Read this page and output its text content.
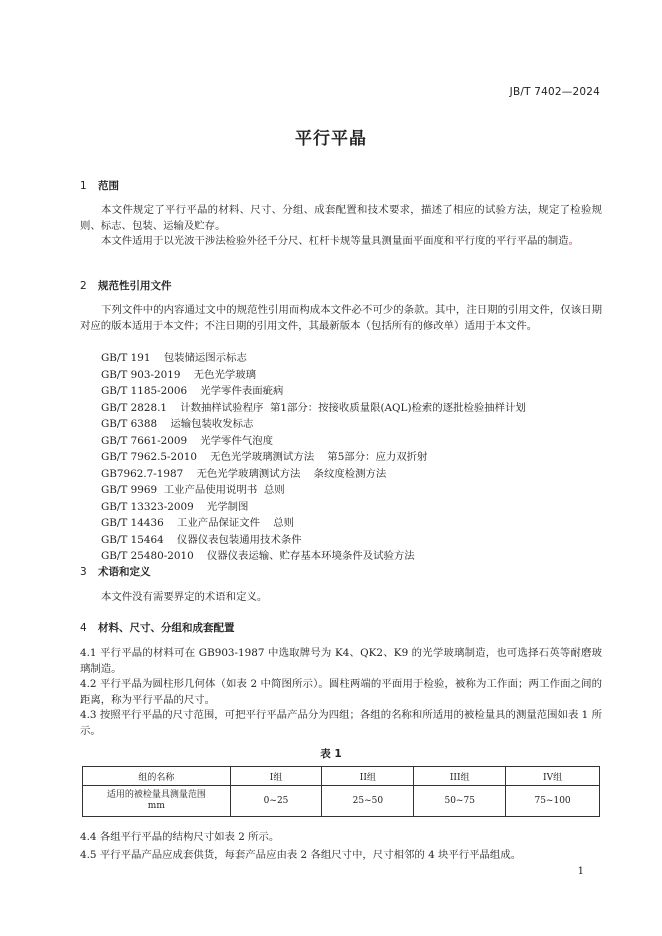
JB/T 7402—2024
平行平晶
1 范围
本文件规定了平行平晶的材料、尺寸、分组、成套配置和技术要求，描述了相应的试验方法，规定了检验规则、标志、包装、运输及贮存。
本文件适用于以光波干涉法检验外径千分尺、杠杆卡规等量具测量面平面度和平行度的平行平晶的制造。
2 规范性引用文件
下列文件中的内容通过文中的规范性引用而构成本文件必不可少的条款。其中，注日期的引用文件，仅该日期对应的版本适用于本文件；不注日期的引用文件，其最新版本（包括所有的修改单）适用于本文件。
GB/T 191    包装储运图示标志
GB/T 903-2019    无色光学玻璃
GB/T 1185-2006    光学零件表面疵病
GB/T 2828.1    计数抽样试验程序  第1部分：按接收质量限(AQL)检索的逐批检验抽样计划
GB/T 6388    运输包装收发标志
GB/T 7661-2009    光学零件气泡度
GB/T 7962.5-2010    无色光学玻璃测试方法    第5部分：应力双折射
GB7962.7-1987    无色光学玻璃测试方法    条纹度检测方法
GB/T 9969  工业产品使用说明书  总则
GB/T 13323-2009    光学制图
GB/T 14436    工业产品保证文件    总则
GB/T 15464    仪器仪表包装通用技术条件
GB/T 25480-2010    仪器仪表运输、贮存基本环境条件及试验方法
3 术语和定义
本文件没有需要界定的术语和定义。
4 材料、尺寸、分组和成套配置
4.1 平行平晶的材料可在 GB903-1987 中选取牌号为 K4、QK2、K9 的光学玻璃制造，也可选择石英等耐磨玻璃制造。
4.2 平行平晶为圆柱形几何体（如表 2 中简图所示）。圆柱两端的平面用于检验，被称为工作面；两工作面之间的距离，称为平行平晶的尺寸。
4.3 按照平行平晶的尺寸范围，可把平行平晶产品分为四组；各组的名称和所适用的被检量具的测量范围如表 1 所示。
表 1
组的名称	I组	II组	III组	IV组
适用的被检量具测量范围
mm	0~25	25~50	50~75	75~100
4.4 各组平行平晶的结构尺寸如表 2 所示。
4.5 平行平晶产品应成套供货，每套产品应由表 2 各组尺寸中，尺寸相邻的 4 块平行平晶组成。
1
